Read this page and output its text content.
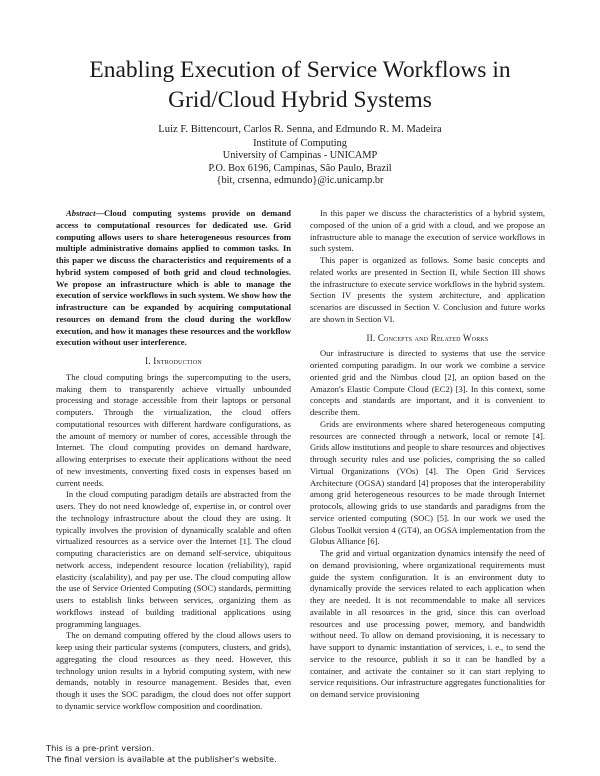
Enabling Execution of Service Workflows in
Grid/Cloud Hybrid Systems
Luiz F. Bittencourt, Carlos R. Senna, and Edmundo R. M. Madeira
Institute of Computing
University of Campinas - UNICAMP
P.O. Box 6196, Campinas, São Paulo, Brazil
{bit, crsenna, edmundo}@ic.unicamp.br

Abstract—Cloud computing systems provide on demand access to computational resources for dedicated use. Grid computing allows users to share heterogeneous resources from multiple administrative domains applied to common tasks. In this paper we discuss the characteristics and requirements of a hybrid system composed of both grid and cloud technologies. We propose an infrastructure which is able to manage the execution of service workflows in such system. We show how the infrastructure can be expanded by acquiring computational resources on demand from the cloud during the workflow execution, and how it manages these resources and the workflow execution without user interference.

I. Introduction

The cloud computing brings the supercomputing to the users, making them to transparently achieve virtually unbounded processing and storage accessible from their laptops or personal computers. Through the virtualization, the cloud offers computational resources with different hardware configurations, as the amount of memory or number of cores, accessible through the Internet. The cloud computing provides on demand hardware, allowing enterprises to execute their applications without the need of new investments, converting fixed costs in expenses based on current needs.

In the cloud computing paradigm details are abstracted from the users. They do not need knowledge of, expertise in, or control over the technology infrastructure about the cloud they are using. It typically involves the provision of dynamically scalable and often virtualized resources as a service over the Internet [1]. The cloud computing characteristics are on demand self-service, ubiquitous network access, independent resource location (reliability), rapid elasticity (scalability), and pay per use. The cloud computing allow the use of Service Oriented Computing (SOC) standards, permitting users to establish links between services, organizing them as workflows instead of building traditional applications using programming languages.

The on demand computing offered by the cloud allows users to keep using their particular systems (computers, clusters, and grids), aggregating the cloud resources as they need. However, this technology union results in a hybrid computing system, with new demands, notably in resource management. Besides that, even though it uses the SOC paradigm, the cloud does not offer support to dynamic service workflow composition and coordination.

In this paper we discuss the characteristics of a hybrid system, composed of the union of a grid with a cloud, and we propose an infrastructure able to manage the execution of service workflows in such system.

This paper is organized as follows. Some basic concepts and related works are presented in Section II, while Section III shows the infrastructure to execute service workflows in the hybrid system. Section IV presents the system architecture, and application scenarios are discussed in Section V. Conclusion and future works are shown in Section VI.

II. Concepts and Related Works

Our infrastructure is directed to systems that use the service oriented computing paradigm. In our work we combine a service oriented grid and the Nimbus cloud [2], an option based on the Amazon's Elastic Compute Cloud (EC2) [3]. In this context, some concepts and standards are important, and it is convenient to describe them.

Grids are environments where shared heterogeneous computing resources are connected through a network, local or remote [4]. Grids allow institutions and people to share resources and objectives through security rules and use policies, comprising the so called Virtual Organizations (VOs) [4]. The Open Grid Services Architecture (OGSA) standard [4] proposes that the interoperability among grid heterogeneous resources to be made through Internet protocols, allowing grids to use standards and paradigms from the service oriented computing (SOC) [5]. In our work we used the Globus Toolkit version 4 (GT4), an OGSA implementation from the Globus Alliance [6].

The grid and virtual organization dynamics intensify the need of on demand provisioning, where organizational requirements must guide the system configuration. It is an environment duty to dynamically provide the services related to each application when they are needed. It is not recommendable to make all services available in all resources in the grid, since this can overload resources and use processing power, memory, and bandwidth without need. To allow on demand provisioning, it is necessary to have support to dynamic instantiation of services, i. e., to send the service to the resource, publish it so it can be handled by a container, and activate the container so it can start replying to service requisitions. Our infrastructure aggregates functionalities for on demand service provisioning

This is a pre-print version.
The final version is available at the publisher's website.
